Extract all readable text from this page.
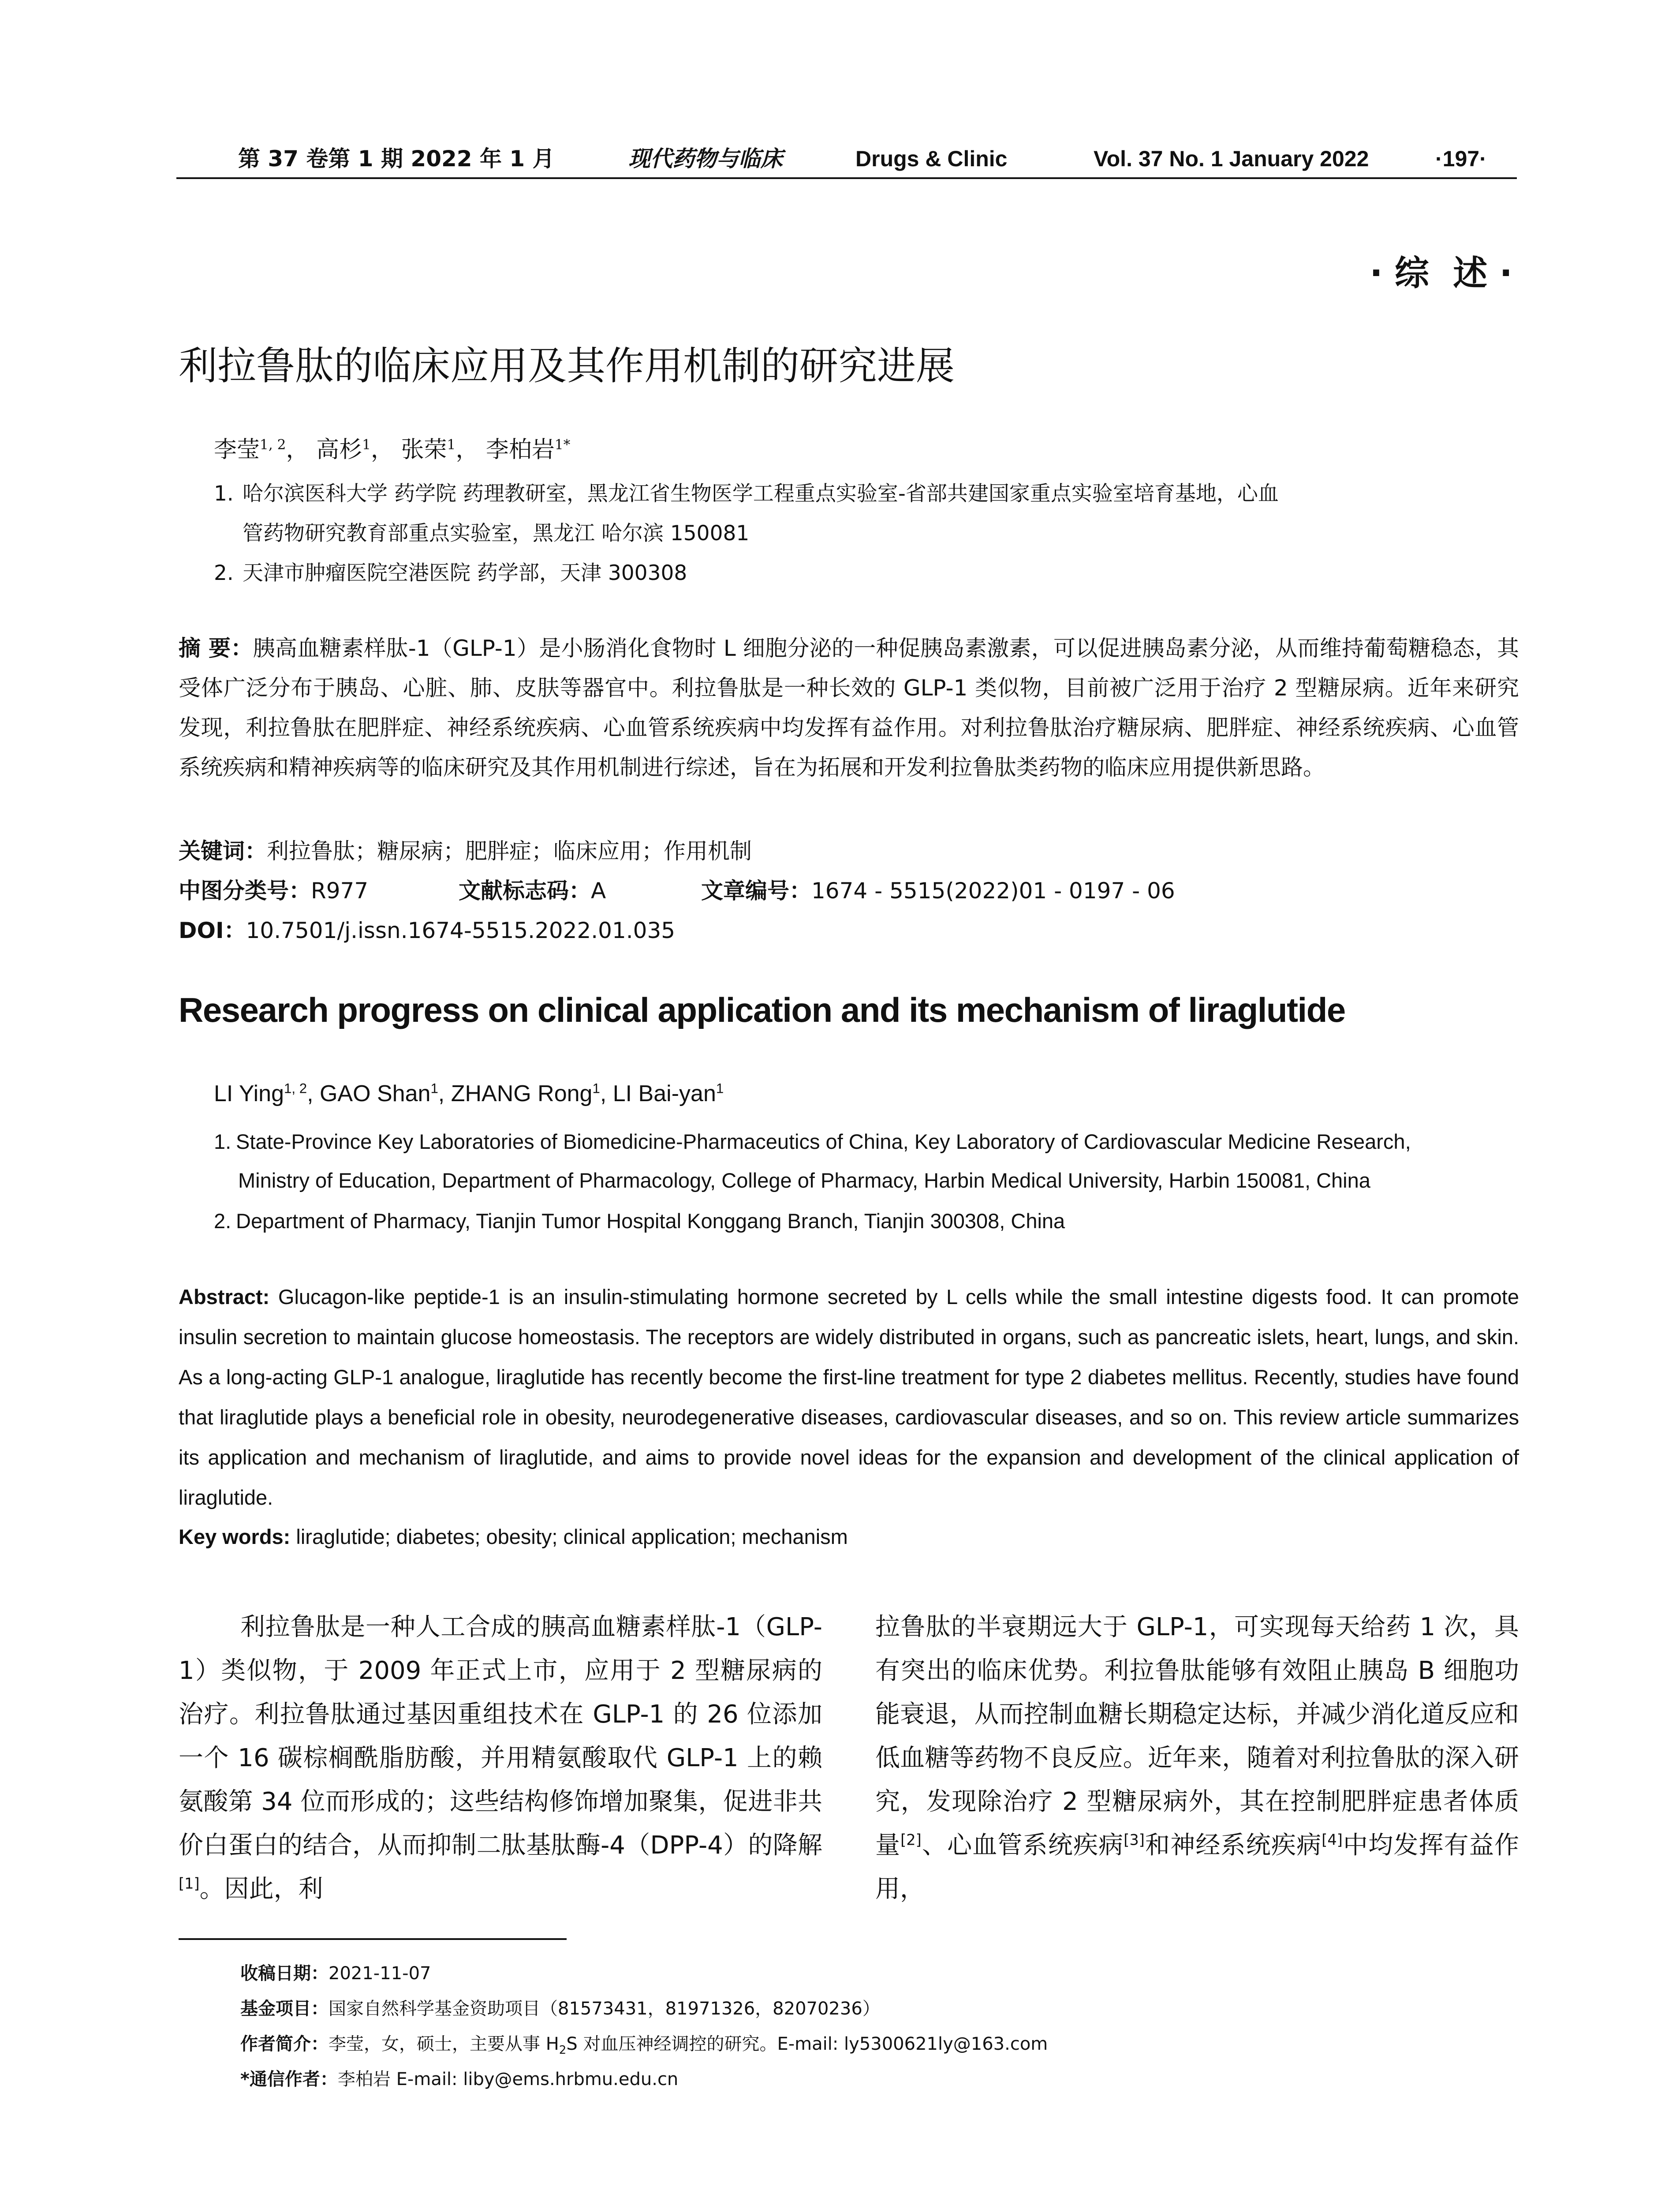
第 37 卷第 1 期 2022 年 1 月	现代药物与临床	Drugs & Clinic	Vol. 37 No. 1 January 2022	·197·
· 综  述 ·
利拉鲁肽的临床应用及其作用机制的研究进展
李莹$^{1, 2}$， 高杉$^1$， 张荣$^1$， 李柏岩$^{1*}$
1. 哈尔滨医科大学 药学院 药理教研室，黑龙江省生物医学工程重点实验室-省部共建国家重点实验室培育基地，心血
管药物研究教育部重点实验室，黑龙江 哈尔滨 150081
2. 天津市肿瘤医院空港医院 药学部，天津 300308
摘 要：胰高血糖素样肽-1（GLP-1）是小肠消化食物时 L 细胞分泌的一种促胰岛素激素，可以促进胰岛素分泌，从而维持葡萄糖稳态，其受体广泛分布于胰岛、心脏、肺、皮肤等器官中。利拉鲁肽是一种长效的 GLP-1 类似物，目前被广泛用于治疗 2 型糖尿病。近年来研究发现，利拉鲁肽在肥胖症、神经系统疾病、心血管系统疾病中均发挥有益作用。对利拉鲁肽治疗糖尿病、肥胖症、神经系统疾病、心血管系统疾病和精神疾病等的临床研究及其作用机制进行综述，旨在为拓展和开发利拉鲁肽类药物的临床应用提供新思路。
关键词：利拉鲁肽；糖尿病；肥胖症；临床应用；作用机制
中图分类号：R977	文献标志码：A	文章编号：1674 - 5515(2022)01 - 0197 - 06
DOI：10.7501/j.issn.1674-5515.2022.01.035
Research progress on clinical application and its mechanism of liraglutide
LI Ying$^{1, 2}$, GAO Shan$^1$, ZHANG Rong$^1$, LI Bai-yan$^1$
1. State-Province Key Laboratories of Biomedicine-Pharmaceutics of China, Key Laboratory of Cardiovascular Medicine Research,
Ministry of Education, Department of Pharmacology, College of Pharmacy, Harbin Medical University, Harbin 150081, China
2. Department of Pharmacy, Tianjin Tumor Hospital Konggang Branch, Tianjin 300308, China
Abstract: Glucagon-like peptide-1 is an insulin-stimulating hormone secreted by L cells while the small intestine digests food. It can promote insulin secretion to maintain glucose homeostasis. The receptors are widely distributed in organs, such as pancreatic islets, heart, lungs, and skin. As a long-acting GLP-1 analogue, liraglutide has recently become the first-line treatment for type 2 diabetes mellitus. Recently, studies have found that liraglutide plays a beneficial role in obesity, neurodegenerative diseases, cardiovascular diseases, and so on. This review article summarizes its application and mechanism of liraglutide, and aims to provide novel ideas for the expansion and development of the clinical application of liraglutide.
Key words: liraglutide; diabetes; obesity; clinical application; mechanism
利拉鲁肽是一种人工合成的胰高血糖素样肽-1（GLP-1）类似物，于 2009 年正式上市，应用于 2 型糖尿病的治疗。利拉鲁肽通过基因重组技术在 GLP-1 的 26 位添加一个 16 碳棕榈酰脂肪酸，并用精氨酸取代 GLP-1 上的赖氨酸第 34 位而形成的；这些结构修饰增加聚集，促进非共价白蛋白的结合，从而抑制二肽基肽酶-4（DPP-4）的降解[1]。因此，利
拉鲁肽的半衰期远大于 GLP-1，可实现每天给药 1 次，具有突出的临床优势。利拉鲁肽能够有效阻止胰岛 B 细胞功能衰退，从而控制血糖长期稳定达标，并减少消化道反应和低血糖等药物不良反应。近年来，随着对利拉鲁肽的深入研究，发现除治疗 2 型糖尿病外，其在控制肥胖症患者体质量[2]、心血管系统疾病[3]和神经系统疾病[4]中均发挥有益作用，
收稿日期：2021-11-07
基金项目：国家自然科学基金资助项目（81573431，81971326，82070236）
作者简介：李莹，女，硕士，主要从事 $H_2S$ 对血压神经调控的研究。E-mail: ly5300621ly@163.com
*通信作者：李柏岩 E-mail: liby@ems.hrbmu.edu.cn
